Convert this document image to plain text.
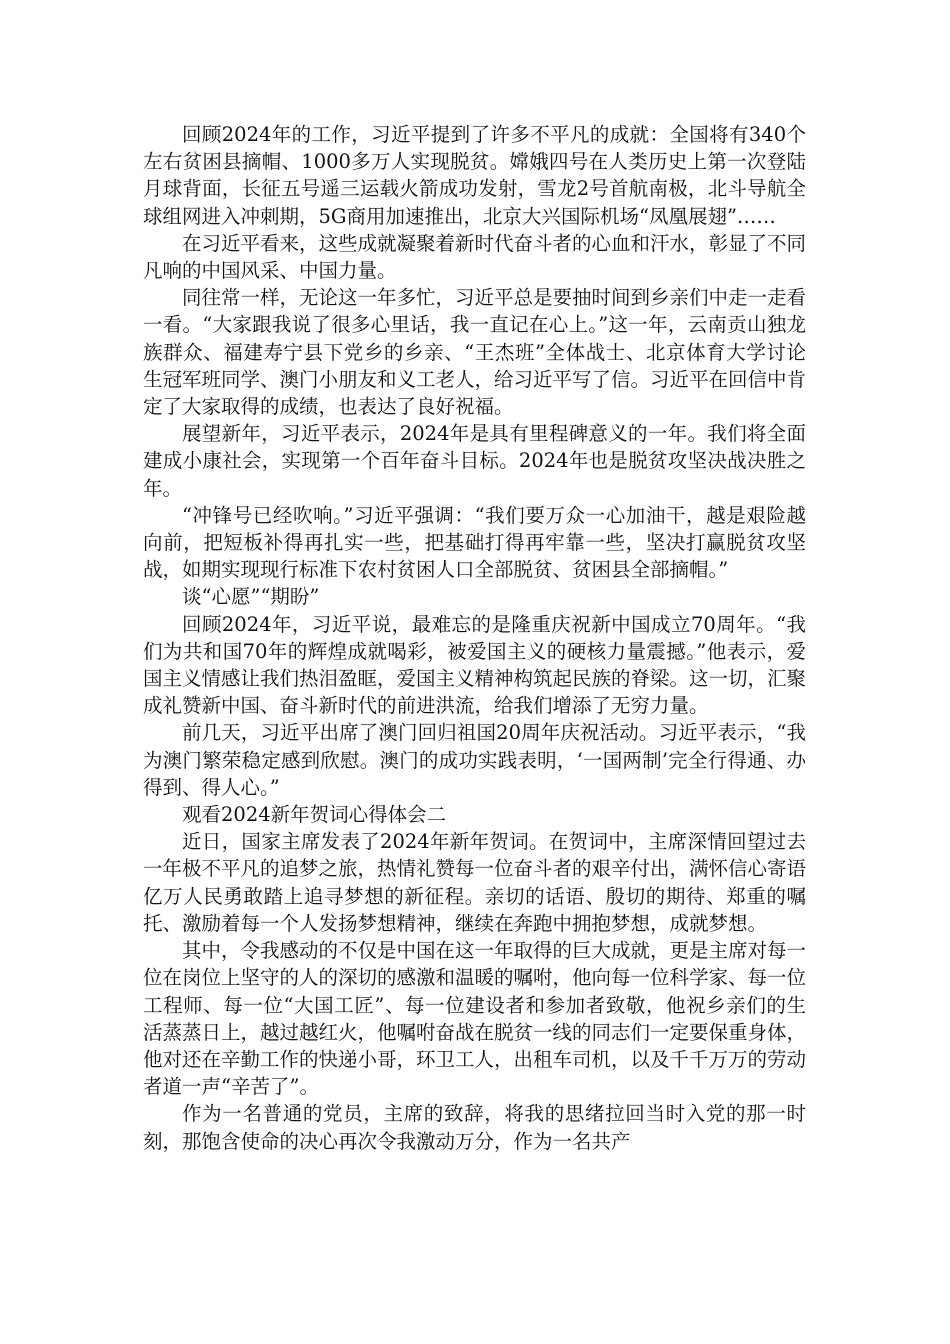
回顾2024年的工作，习近平提到了许多不平凡的成就：全国将有340个左右贫困县摘帽、1000多万人实现脱贫。嫦娥四号在人类历史上第一次登陆月球背面，长征五号遥三运载火箭成功发射，雪龙2号首航南极，北斗导航全球组网进入冲刺期，5G商用加速推出，北京大兴国际机场“凤凰展翅”……

在习近平看来，这些成就凝聚着新时代奋斗者的心血和汗水，彰显了不同凡响的中国风采、中国力量。

同往常一样，无论这一年多忙，习近平总是要抽时间到乡亲们中走一走看一看。“大家跟我说了很多心里话，我一直记在心上。”这一年，云南贡山独龙族群众、福建寿宁县下党乡的乡亲、“王杰班”全体战士、北京体育大学讨论生冠军班同学、澳门小朋友和义工老人，给习近平写了信。习近平在回信中肯定了大家取得的成绩，也表达了良好祝福。

展望新年，习近平表示，2024年是具有里程碑意义的一年。我们将全面建成小康社会，实现第一个百年奋斗目标。2024年也是脱贫攻坚决战决胜之年。

“冲锋号已经吹响。”习近平强调：“我们要万众一心加油干，越是艰险越向前，把短板补得再扎实一些，把基础打得再牢靠一些，坚决打赢脱贫攻坚战，如期实现现行标准下农村贫困人口全部脱贫、贫困县全部摘帽。”

谈“心愿”“期盼”

回顾2024年，习近平说，最难忘的是隆重庆祝新中国成立70周年。“我们为共和国70年的辉煌成就喝彩，被爱国主义的硬核力量震撼。”他表示，爱国主义情感让我们热泪盈眶，爱国主义精神构筑起民族的脊梁。这一切，汇聚成礼赞新中国、奋斗新时代的前进洪流，给我们增添了无穷力量。

前几天，习近平出席了澳门回归祖国20周年庆祝活动。习近平表示，“我为澳门繁荣稳定感到欣慰。澳门的成功实践表明，‘一国两制’完全行得通、办得到、得人心。”

观看2024新年贺词心得体会二

近日，国家主席发表了2024年新年贺词。在贺词中，主席深情回望过去一年极不平凡的追梦之旅，热情礼赞每一位奋斗者的艰辛付出，满怀信心寄语亿万人民勇敢踏上追寻梦想的新征程。亲切的话语、殷切的期待、郑重的嘱托、激励着每一个人发扬梦想精神，继续在奔跑中拥抱梦想，成就梦想。

其中，令我感动的不仅是中国在这一年取得的巨大成就，更是主席对每一位在岗位上坚守的人的深切的感激和温暖的嘱咐，他向每一位科学家、每一位工程师、每一位“大国工匠”、每一位建设者和参加者致敬，他祝乡亲们的生活蒸蒸日上，越过越红火，他嘱咐奋战在脱贫一线的同志们一定要保重身体，他对还在辛勤工作的快递小哥，环卫工人，出租车司机，以及千千万万的劳动者道一声“辛苦了”。

作为一名普通的党员，主席的致辞，将我的思绪拉回当时入党的那一时刻，那饱含使命的决心再次令我激动万分，作为一名共产
